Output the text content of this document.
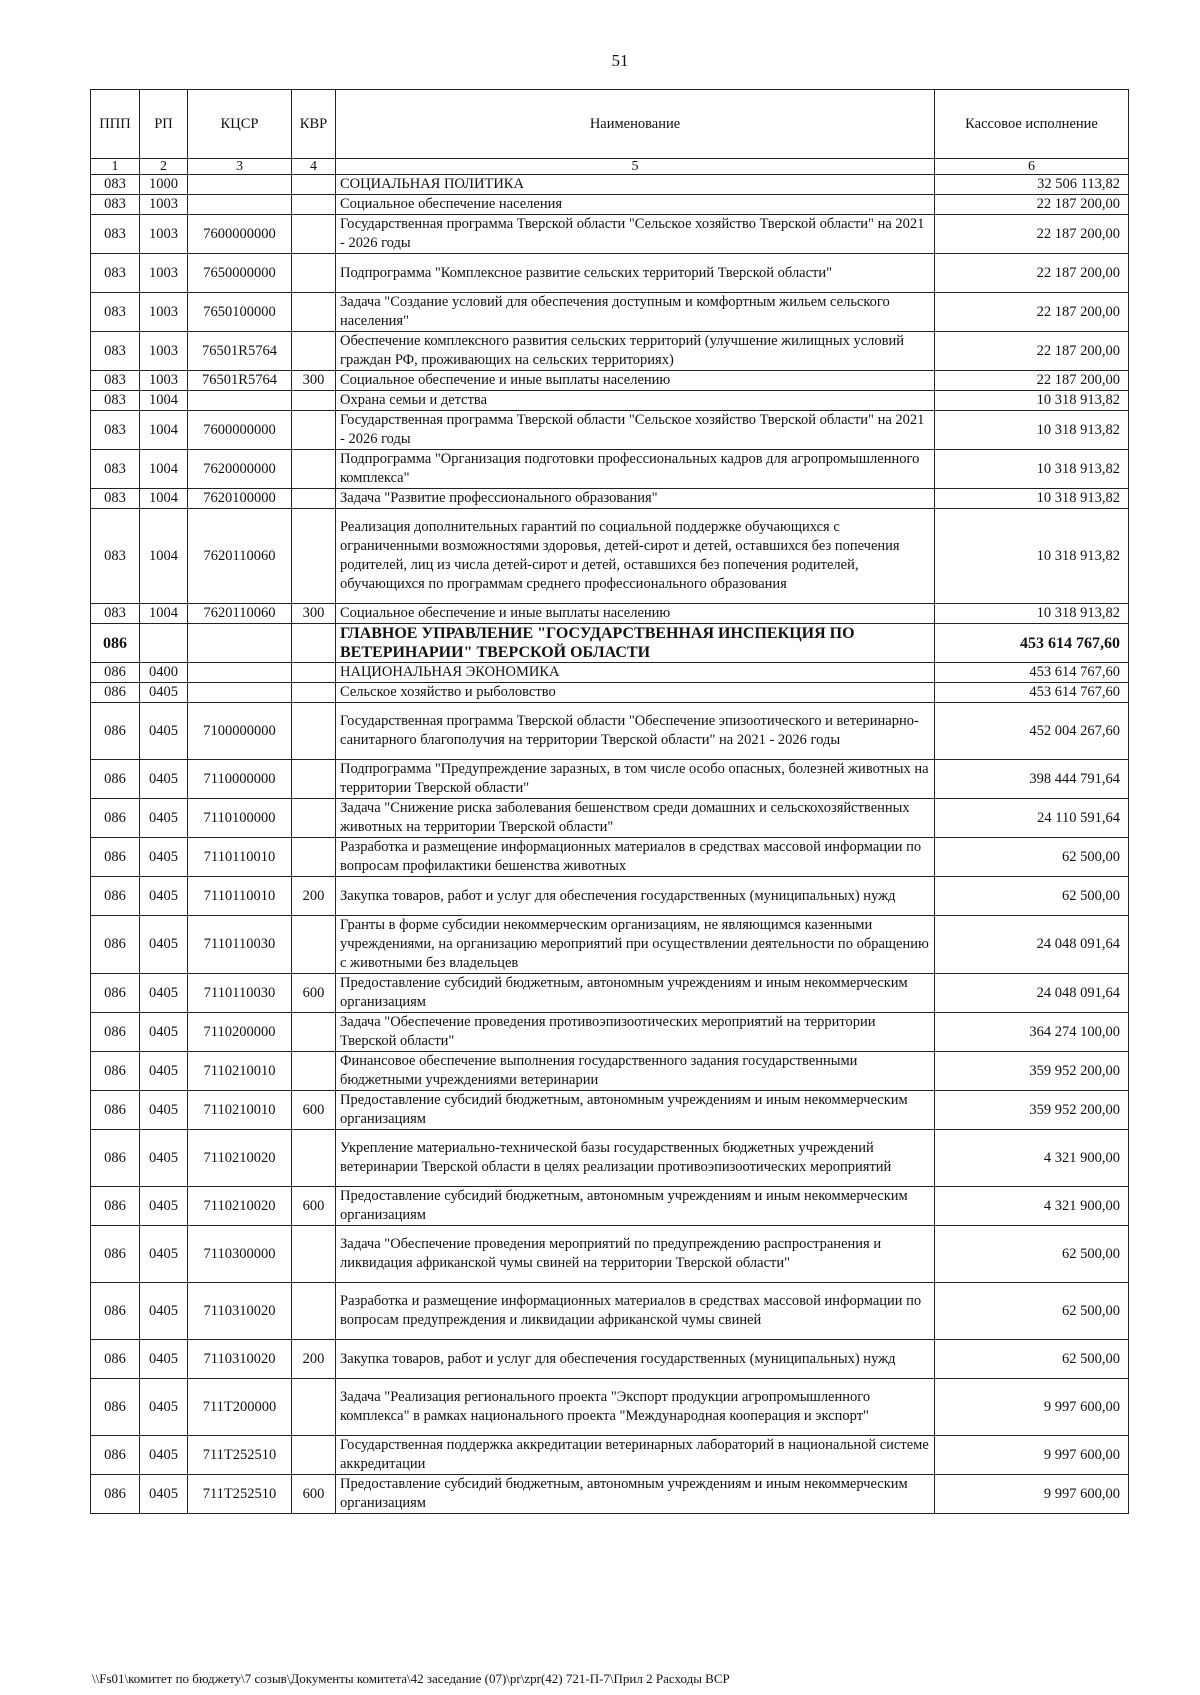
51
ППП	РП	КЦСР	КВР	Наименование	Кассовое исполнение
1	2	3	4	5	6
083	1000			СОЦИАЛЬНАЯ ПОЛИТИКА	32 506 113,82
083	1003			Социальное обеспечение населения	22 187 200,00
083	1003	7600000000		Государственная программа Тверской области "Сельское хозяйство Тверской области" на 2021 - 2026 годы	22 187 200,00
083	1003	7650000000		Подпрограмма "Комплексное развитие сельских территорий Тверской области"	22 187 200,00
083	1003	7650100000		Задача "Создание условий для обеспечения доступным и комфортным жильем сельского населения"	22 187 200,00
083	1003	76501R5764		Обеспечение комплексного развития сельских территорий (улучшение жилищных условий граждан РФ, проживающих на сельских территориях)	22 187 200,00
083	1003	76501R5764	300	Социальное обеспечение и иные выплаты населению	22 187 200,00
083	1004			Охрана семьи и детства	10 318 913,82
083	1004	7600000000		Государственная программа Тверской области "Сельское хозяйство Тверской области" на 2021 - 2026 годы	10 318 913,82
083	1004	7620000000		Подпрограмма "Организация подготовки профессиональных кадров для агропромышленного комплекса"	10 318 913,82
083	1004	7620100000		Задача "Развитие профессионального образования"	10 318 913,82
083	1004	7620110060		Реализация дополнительных гарантий по социальной поддержке обучающихся с ограниченными возможностями здоровья, детей-сирот и детей, оставшихся без попечения родителей, лиц из числа детей-сирот и детей, оставшихся без попечения родителей, обучающихся по программам среднего профессионального образования	10 318 913,82
083	1004	7620110060	300	Социальное обеспечение и иные выплаты населению	10 318 913,82
086				ГЛАВНОЕ УПРАВЛЕНИЕ "ГОСУДАРСТВЕННАЯ ИНСПЕКЦИЯ ПО ВЕТЕРИНАРИИ" ТВЕРСКОЙ ОБЛАСТИ	453 614 767,60
086	0400			НАЦИОНАЛЬНАЯ ЭКОНОМИКА	453 614 767,60
086	0405			Сельское хозяйство и рыболовство	453 614 767,60
086	0405	7100000000		Государственная программа Тверской области "Обеспечение эпизоотического и ветеринарно-санитарного благополучия на территории Тверской области" на 2021 - 2026 годы	452 004 267,60
086	0405	7110000000		Подпрограмма "Предупреждение заразных, в том числе особо опасных, болезней животных на территории Тверской области"	398 444 791,64
086	0405	7110100000		Задача "Снижение риска заболевания бешенством среди домашних и сельскохозяйственных животных на территории Тверской области"	24 110 591,64
086	0405	7110110010		Разработка и размещение информационных материалов в средствах массовой информации по вопросам профилактики бешенства животных	62 500,00
086	0405	7110110010	200	Закупка товаров, работ и услуг для обеспечения государственных (муниципальных) нужд	62 500,00
086	0405	7110110030		Гранты в форме субсидии некоммерческим организациям, не являющимся казенными учреждениями, на организацию мероприятий при осуществлении деятельности по обращению с животными без владельцев	24 048 091,64
086	0405	7110110030	600	Предоставление субсидий бюджетным, автономным учреждениям и иным некоммерческим организациям	24 048 091,64
086	0405	7110200000		Задача "Обеспечение проведения противоэпизоотических мероприятий на территории Тверской области"	364 274 100,00
086	0405	7110210010		Финансовое обеспечение выполнения государственного задания государственными бюджетными учреждениями ветеринарии	359 952 200,00
086	0405	7110210010	600	Предоставление субсидий бюджетным, автономным учреждениям и иным некоммерческим организациям	359 952 200,00
086	0405	7110210020		Укрепление материально-технической базы государственных бюджетных учреждений ветеринарии Тверской области в целях реализации противоэпизоотических мероприятий	4 321 900,00
086	0405	7110210020	600	Предоставление субсидий бюджетным, автономным учреждениям и иным некоммерческим организациям	4 321 900,00
086	0405	7110300000		Задача "Обеспечение проведения мероприятий по предупреждению распространения и ликвидация африканской чумы свиней на территории Тверской области"	62 500,00
086	0405	7110310020		Разработка и размещение информационных материалов в средствах массовой информации по вопросам предупреждения и ликвидации африканской чумы свиней	62 500,00
086	0405	7110310020	200	Закупка товаров, работ и услуг для обеспечения государственных (муниципальных) нужд	62 500,00
086	0405	711T200000		Задача "Реализация регионального проекта "Экспорт продукции агропромышленного комплекса" в рамках национального проекта "Международная кооперация и экспорт"	9 997 600,00
086	0405	711T252510		Государственная поддержка аккредитации ветеринарных лабораторий в национальной системе аккредитации	9 997 600,00
086	0405	711T252510	600	Предоставление субсидий бюджетным, автономным учреждениям и иным некоммерческим организациям	9 997 600,00
\\Fs01\комитет по бюджету\7 созыв\Документы комитета\42 заседание (07)\pr\zpr(42) 721-П-7\Прил 2 Расходы ВСР
